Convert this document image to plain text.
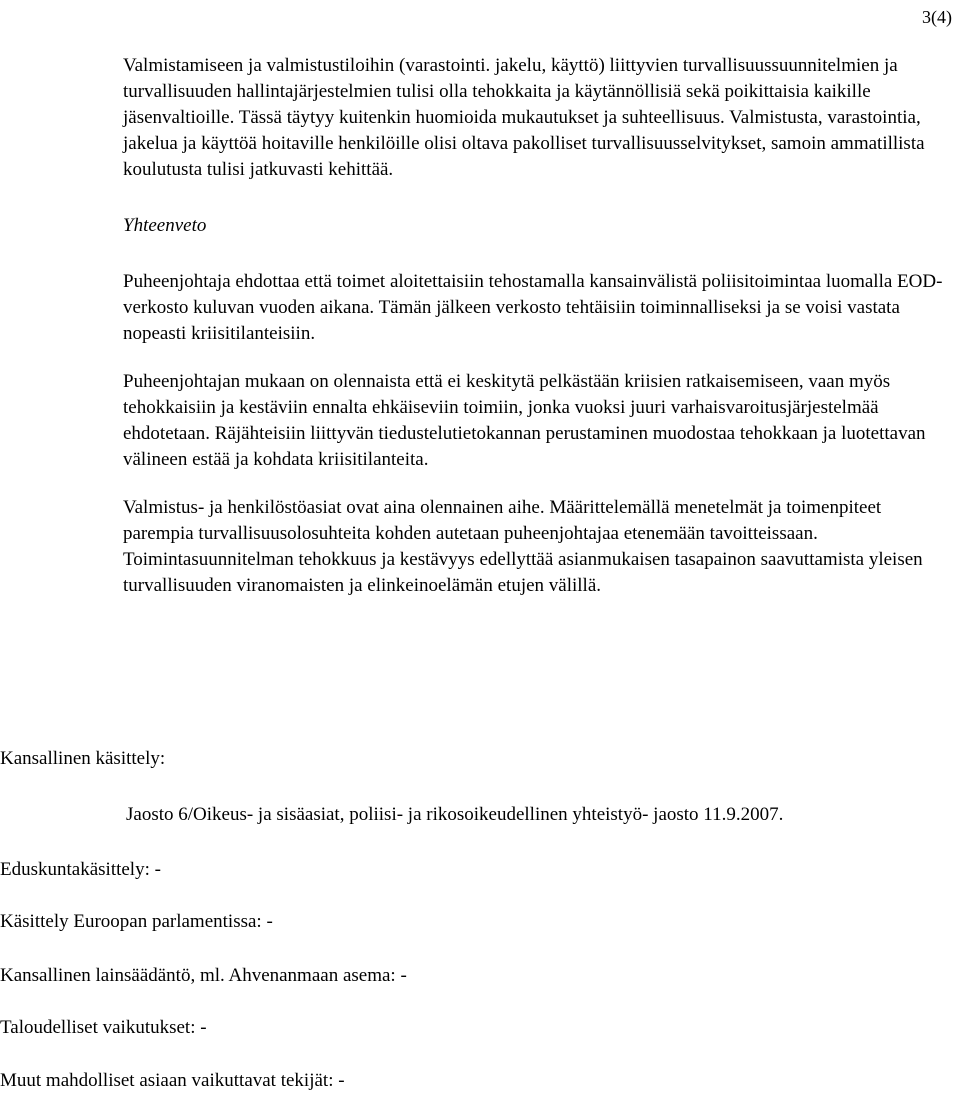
3(4)

Valmistamiseen ja valmistustiloihin (varastointi. jakelu, käyttö) liittyvien turvallisuussuunnitelmien ja turvallisuuden hallintajärjestelmien tulisi olla tehokkaita ja käytännöllisiä sekä poikittaisia kaikille jäsenvaltioille. Tässä täytyy kuitenkin huomioida mukautukset ja suhteellisuus. Valmistusta, varastointia, jakelua ja käyttöä hoitaville henkilöille olisi oltava pakolliset turvallisuusselvitykset, samoin ammatillista koulutusta tulisi jatkuvasti kehittää.

Yhteenveto

Puheenjohtaja ehdottaa että toimet aloitettaisiin tehostamalla kansainvälistä poliisitoimintaa luomalla EOD- verkosto kuluvan vuoden aikana. Tämän jälkeen verkosto tehtäisiin toiminnalliseksi ja se voisi vastata nopeasti kriisitilanteisiin.

Puheenjohtajan mukaan on olennaista että ei keskitytä pelkästään kriisien ratkaisemiseen, vaan myös tehokkaisiin ja kestäviin ennalta ehkäiseviin toimiin, jonka vuoksi juuri varhaisvaroitusjärjestelmää ehdotetaan. Räjähteisiin liittyvän tiedustelutietokannan perustaminen muodostaa tehokkaan ja luotettavan välineen estää ja kohdata kriisitilanteita.

Valmistus- ja henkilöstöasiat ovat aina olennainen aihe. Määrittelemällä menetelmät ja toimenpiteet parempia turvallisuusolosuhteita kohden autetaan puheenjohtajaa etenemään tavoitteissaan. Toimintasuunnitelman tehokkuus ja kestävyys edellyttää asianmukaisen tasapainon saavuttamista yleisen turvallisuuden viranomaisten ja elinkeinoelämän etujen välillä.

Kansallinen käsittely:
Jaosto 6/Oikeus- ja sisäasiat, poliisi- ja rikosoikeudellinen yhteistyö- jaosto 11.9.2007.
Eduskuntakäsittely: -
Käsittely Euroopan parlamentissa: -
Kansallinen lainsäädäntö, ml. Ahvenanmaan asema: -
Taloudelliset vaikutukset: -
Muut mahdolliset asiaan vaikuttavat tekijät: -
